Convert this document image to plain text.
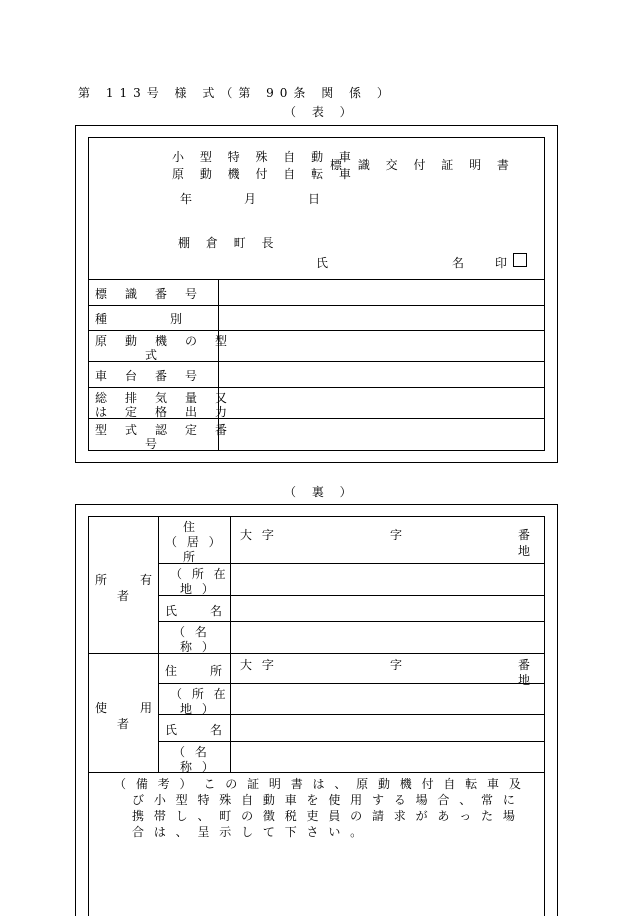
第 113号 様 式（第 90条 関 係 ）
（ 表 ）
小 型 特 殊 自 動 車
原 動 機 付 自 転 車
標 識 交 付 証 明 書
年	月	日
棚 倉 町 長
氏	名 印
標　識　番　号
種　　　　別
原　動　機　の　型
式
車　台　番　号
総　排　気　量　又
は　定　格　出　力
型　式　認　定　番
号
（ 裏 ）
所　　有
者
住
（ 居 ）
所
大 字	字	番
地
（ 所 在
地 ）
氏　　名
（ 名
称 ）
使　　用
者
住　　所 大 字	字	番
地
（ 所 在
地 ）
氏　　名
（ 名
称 ）
（ 備 考 ）　こ の 証 明 書 は 、 原 動 機 付 自 転 車 及
び 小 型 特 殊 自 動 車 を 使 用 す る 場 合 、 常 に
携 帯 し 、 町 の 徴 税 吏 員 の 請 求 が あ っ た 場
合 は 、 呈 示 し て 下 さ い 。
